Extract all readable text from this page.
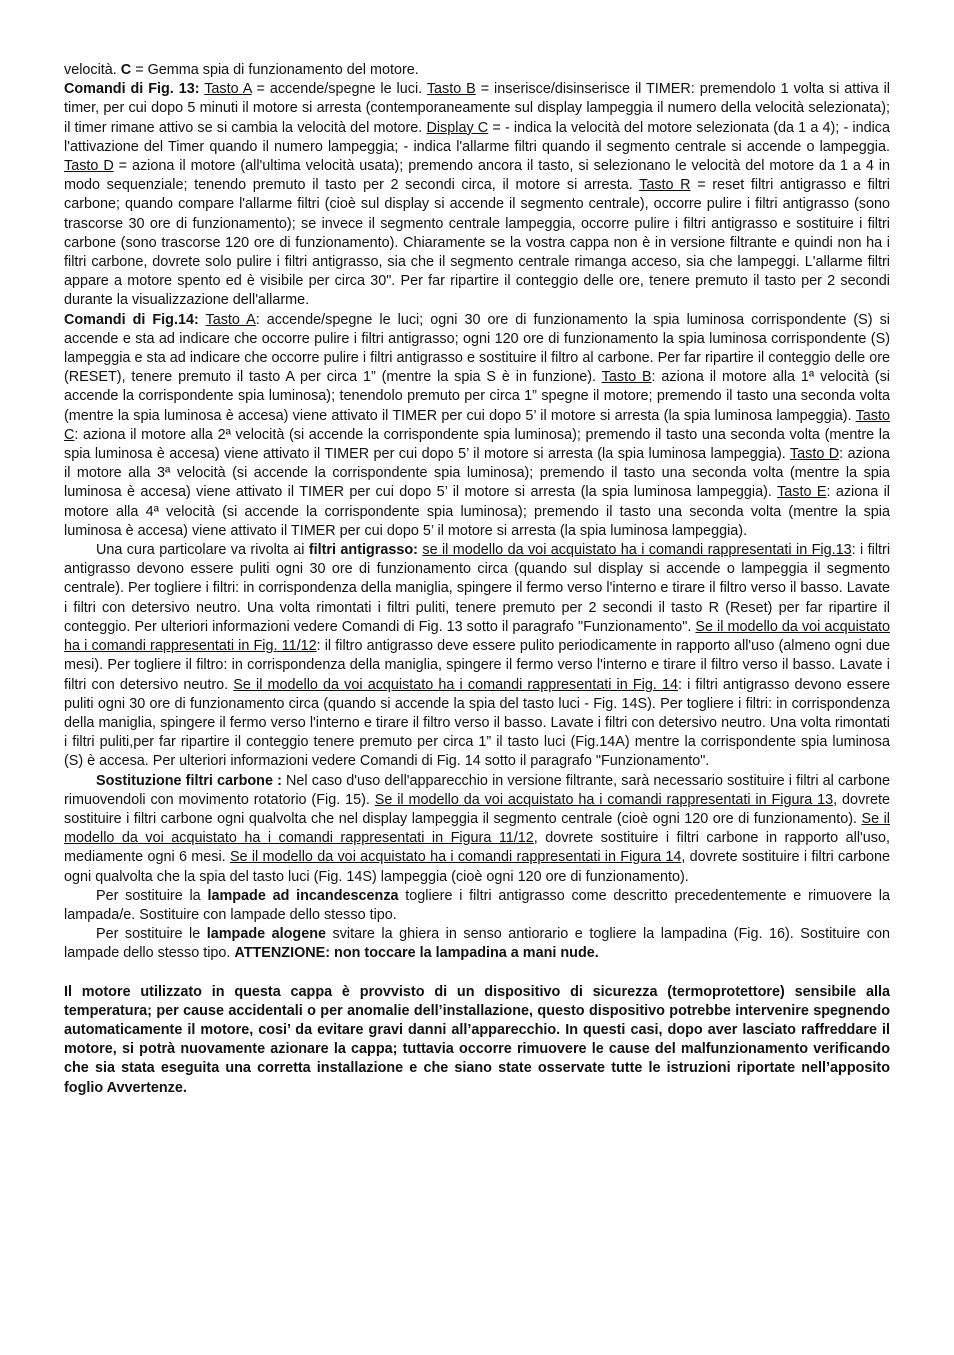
velocità. C = Gemma spia di funzionamento del motore.

Comandi di Fig. 13: Tasto A = accende/spegne le luci. Tasto B = inserisce/disinserisce il TIMER: premendolo 1 volta si attiva il timer, per cui dopo 5 minuti il motore si arresta (contemporaneamente sul display lampeggia il numero della velocità selezionata); il timer rimane attivo se si cambia la velocità del motore. Display C = - indica la velocità del motore selezionata (da 1 a 4); - indica l'attivazione del Timer quando il numero lampeggia; - indica l'allarme filtri quando il segmento centrale si accende o lampeggia. Tasto D = aziona il motore (all'ultima velocità usata); premendo ancora il tasto, si selezionano le velocità del motore da 1 a 4 in modo sequenziale; tenendo premuto il tasto per 2 secondi circa, il motore si arresta. Tasto R = reset filtri antigrasso e filtri carbone; quando compare l'allarme filtri (cioè sul display si accende il segmento centrale), occorre pulire i filtri antigrasso (sono trascorse 30 ore di funzionamento); se invece il segmento centrale lampeggia, occorre pulire i filtri antigrasso e sostituire i filtri carbone (sono trascorse 120 ore di funzionamento). Chiaramente se la vostra cappa non è in versione filtrante e quindi non ha i filtri carbone, dovrete solo pulire i filtri antigrasso, sia che il segmento centrale rimanga acceso, sia che lampeggi. L'allarme filtri appare a motore spento ed è visibile per circa 30". Per far ripartire il conteggio delle ore, tenere premuto il tasto per 2 secondi durante la visualizzazione dell'allarme.

Comandi di Fig.14: Tasto A: accende/spegne le luci; ogni 30 ore di funzionamento la spia luminosa corrispondente (S) si accende e sta ad indicare che occorre pulire i filtri antigrasso; ogni 120 ore di funzionamento la spia luminosa corrispondente (S) lampeggia e sta ad indicare che occorre pulire i filtri antigrasso e sostituire il filtro al carbone. Per far ripartire il conteggio delle ore (RESET), tenere premuto il tasto A per circa 1” (mentre la spia S è in funzione). Tasto B: aziona il motore alla 1ª velocità (si accende la corrispondente spia luminosa); tenendolo premuto per circa 1” spegne il motore; premendo il tasto una seconda volta (mentre la spia luminosa è accesa) viene attivato il TIMER per cui dopo 5’ il motore si arresta (la spia luminosa lampeggia). Tasto C: aziona il motore alla 2ª velocità (si accende la corrispondente spia luminosa); premendo il tasto una seconda volta (mentre la spia luminosa è accesa) viene attivato il TIMER per cui dopo 5’ il motore si arresta (la spia luminosa lampeggia). Tasto D: aziona il motore alla 3ª velocità (si accende la corrispondente spia luminosa); premendo il tasto una seconda volta (mentre la spia luminosa è accesa) viene attivato il TIMER per cui dopo 5’ il motore si arresta (la spia luminosa lampeggia). Tasto E: aziona il motore alla 4ª velocità (si accende la corrispondente spia luminosa); premendo il tasto una seconda volta (mentre la spia luminosa è accesa) viene attivato il TIMER per cui dopo 5’ il motore si arresta (la spia luminosa lampeggia).

Una cura particolare va rivolta ai filtri antigrasso: se il modello da voi acquistato ha i comandi rappresentati in Fig.13: i filtri antigrasso devono essere puliti ogni 30 ore di funzionamento circa (quando sul display si accende o lampeggia il segmento centrale). Per togliere i filtri: in corrispondenza della maniglia, spingere il fermo verso l'interno e tirare il filtro verso il basso. Lavate i filtri con detersivo neutro. Una volta rimontati i filtri puliti, tenere premuto per 2 secondi il tasto R (Reset) per far ripartire il conteggio. Per ulteriori informazioni vedere Comandi di Fig. 13 sotto il paragrafo "Funzionamento". Se il modello da voi acquistato ha i comandi rappresentati in Fig. 11/12: il filtro antigrasso deve essere pulito periodicamente in rapporto all'uso (almeno ogni due mesi). Per togliere il filtro: in corrispondenza della maniglia, spingere il fermo verso l'interno e tirare il filtro verso il basso. Lavate i filtri con detersivo neutro. Se il modello da voi acquistato ha i comandi rappresentati in Fig. 14: i filtri antigrasso devono essere puliti ogni 30 ore di funzionamento circa (quando si accende la spia del tasto luci - Fig. 14S). Per togliere i filtri: in corrispondenza della maniglia, spingere il fermo verso l'interno e tirare il filtro verso il basso. Lavate i filtri con detersivo neutro. Una volta rimontati i filtri puliti,per far ripartire il conteggio tenere premuto per circa 1” il tasto luci (Fig.14A) mentre la corrispondente spia luminosa (S) è accesa. Per ulteriori informazioni vedere Comandi di Fig. 14 sotto il paragrafo "Funzionamento".

Sostituzione filtri carbone : Nel caso d'uso dell'apparecchio in versione filtrante, sarà necessario sostituire i filtri al carbone rimuovendoli con movimento rotatorio (Fig. 15). Se il modello da voi acquistato ha i comandi rappresentati in Figura 13, dovrete sostituire i filtri carbone ogni qualvolta che nel display lampeggia il segmento centrale (cioè ogni 120 ore di funzionamento). Se il modello da voi acquistato ha i comandi rappresentati in Figura 11/12, dovrete sostituire i filtri carbone in rapporto all'uso, mediamente ogni 6 mesi. Se il modello da voi acquistato ha i comandi rappresentati in Figura 14, dovrete sostituire i filtri carbone ogni qualvolta che la spia del tasto luci (Fig. 14S) lampeggia (cioè ogni 120 ore di funzionamento).

Per sostituire la lampade ad incandescenza togliere i filtri antigrasso come descritto precedentemente e rimuovere la lampada/e. Sostituire con lampade dello stesso tipo.

Per sostituire le lampade alogene svitare la ghiera in senso antiorario e togliere la lampadina (Fig. 16). Sostituire con lampade dello stesso tipo. ATTENZIONE: non toccare la lampadina a mani nude.

Il motore utilizzato in questa cappa è provvisto di un dispositivo di sicurezza (termoprotettore) sensibile alla temperatura; per cause accidentali o per anomalie dell’installazione, questo dispositivo potrebbe intervenire spegnendo automaticamente il motore, cosi’ da evitare gravi danni all’apparecchio. In questi casi, dopo aver lasciato raffreddare il motore, si potrà nuovamente azionare la cappa; tuttavia occorre rimuovere le cause del malfunzionamento verificando che sia stata eseguita una corretta installazione e che siano state osservate tutte le istruzioni riportate nell’apposito foglio Avvertenze.
